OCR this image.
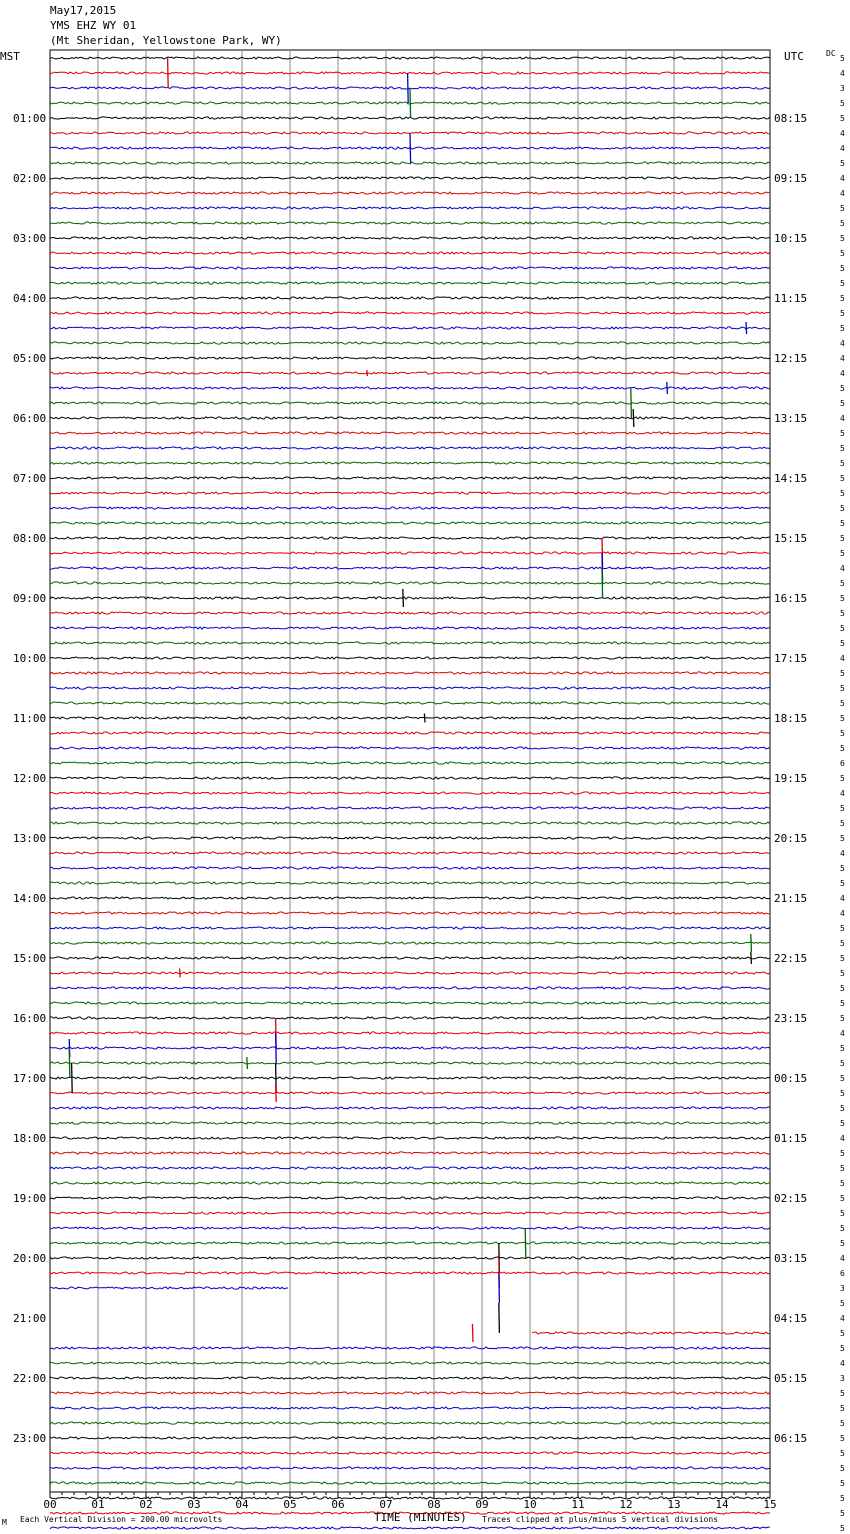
May17,2015
YMS EHZ WY 01
(Mt Sheridan, Yellowstone Park, WY)
MST	UTC	DC
01:00
02:00
03:00
04:00
05:00
06:00
07:00
08:00
09:00
10:00
11:00
12:00
13:00
14:00
15:00
16:00
17:00
18:00
19:00
20:00
21:00
22:00
23:00
08:15
09:15
10:15
11:15
12:15
13:15
14:15
15:15
16:15
17:15
18:15
19:15
20:15
21:15
22:15
23:15
00:15
01:15
02:15
03:15
04:15
05:15
06:15
5
4
3
5
5
4
4
5
4
4
5
5
5
5
5
5
5
5
5
4
4
4
5
5
4
5
5
5
5
5
5
5
5
5
4
5
5
5
5
5
4
5
5
5
5
5
5
6
5
4
5
5
5
4
5
5
4
4
5
5
5
5
5
5
5
4
5
5
5
5
5
5
4
5
5
5
5
5
5
5
4
6
3
5
4
5
5
4
3
5
5
5
5
5
5
5
5
5
5
00	01	02	03	04	05	06	07	08	09	10	11	12	13	14	15
TIME (MINUTES)
M Each Vertical Division = 200.00 microvolts	Traces clipped at plus/minus 5 vertical divisions
